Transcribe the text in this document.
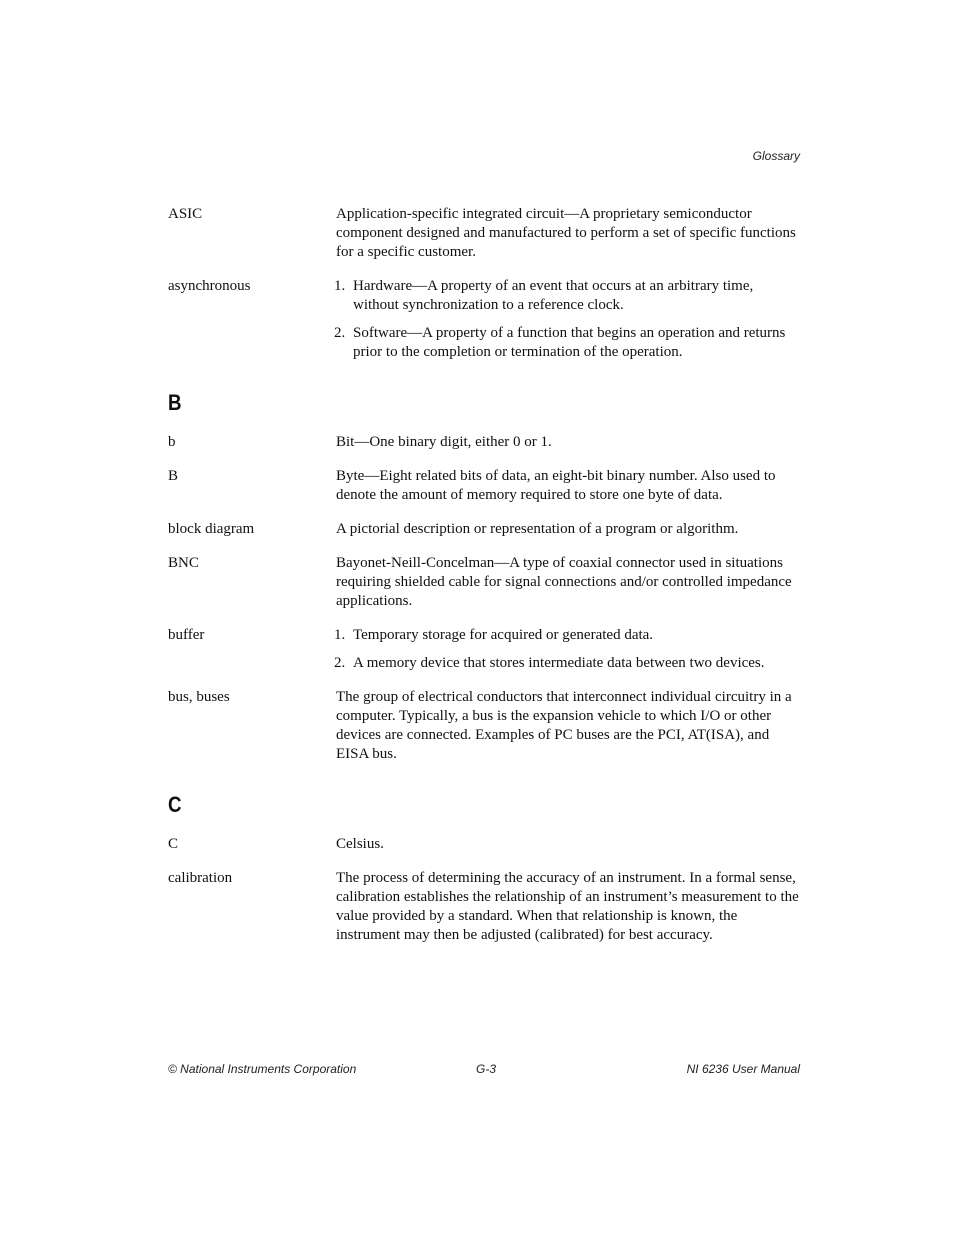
Glossary
ASIC	Application-specific integrated circuit—A proprietary semiconductor component designed and manufactured to perform a set of specific functions for a specific customer.
asynchronous	1. Hardware—A property of an event that occurs at an arbitrary time, without synchronization to a reference clock.
2. Software—A property of a function that begins an operation and returns prior to the completion or termination of the operation.
B
b	Bit—One binary digit, either 0 or 1.
B	Byte—Eight related bits of data, an eight-bit binary number. Also used to denote the amount of memory required to store one byte of data.
block diagram	A pictorial description or representation of a program or algorithm.
BNC	Bayonet-Neill-Concelman—A type of coaxial connector used in situations requiring shielded cable for signal connections and/or controlled impedance applications.
buffer	1. Temporary storage for acquired or generated data.
2. A memory device that stores intermediate data between two devices.
bus, buses	The group of electrical conductors that interconnect individual circuitry in a computer. Typically, a bus is the expansion vehicle to which I/O or other devices are connected. Examples of PC buses are the PCI, AT(ISA), and EISA bus.
C
C	Celsius.
calibration	The process of determining the accuracy of an instrument. In a formal sense, calibration establishes the relationship of an instrument’s measurement to the value provided by a standard. When that relationship is known, the instrument may then be adjusted (calibrated) for best accuracy.
© National Instruments Corporation	G-3	NI 6236 User Manual
